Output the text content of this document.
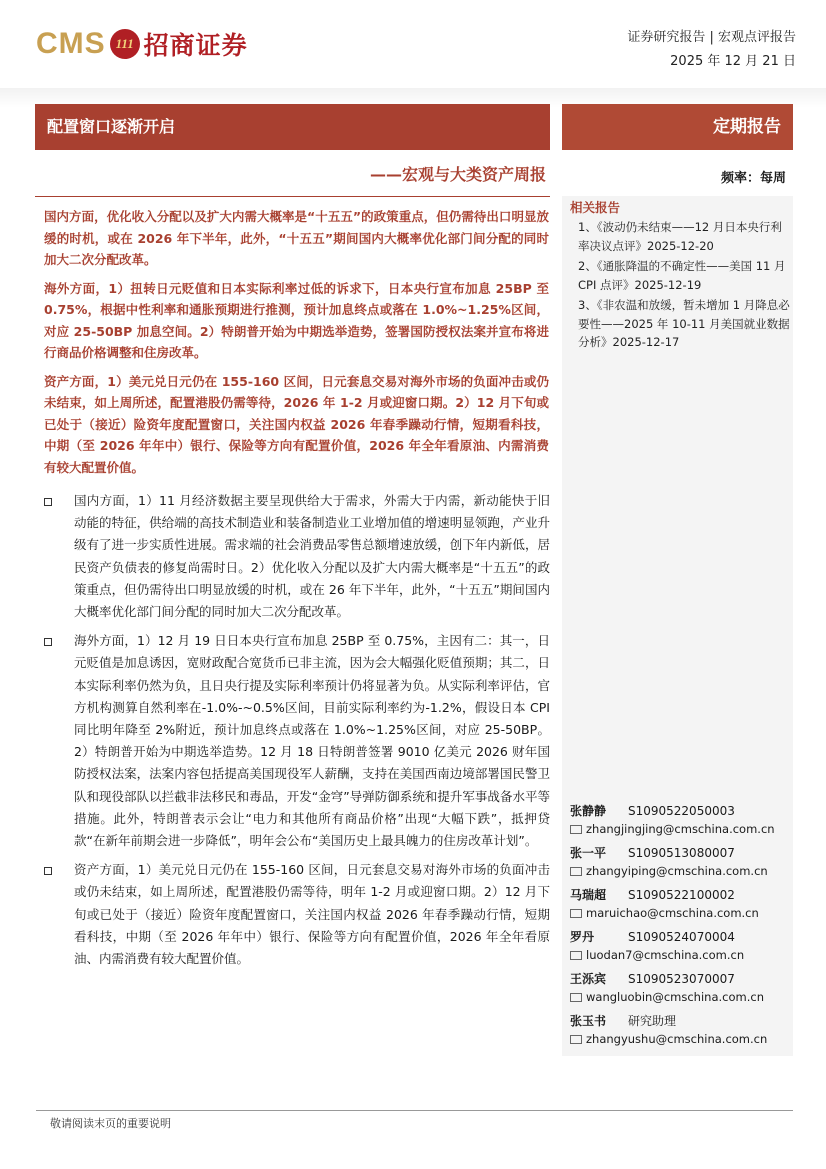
CMS 111 招商证券	证券研究报告 | 宏观点评报告
2025 年 12 月 21 日
配置窗口逐渐开启	定期报告
——宏观与大类资产周报	频率：每周

国内方面，优化收入分配以及扩大内需大概率是“十五五”的政策重点，但仍需待出口明显放缓的时机，或在 2026 年下半年，此外，“十五五”期间国内大概率优化部门间分配的同时加大二次分配改革。

海外方面，1）扭转日元贬值和日本实际利率过低的诉求下，日本央行宣布加息 25BP 至 0.75%，根据中性利率和通胀预期进行推测，预计加息终点或落在 1.0%~1.25%区间，对应 25-50BP 加息空间。2）特朗普开始为中期选举造势，签署国防授权法案并宣布将进行商品价格调整和住房改革。

资产方面，1）美元兑日元仍在 155-160 区间，日元套息交易对海外市场的负面冲击或仍未结束，如上周所述，配置港股仍需等待，2026 年 1-2 月或迎窗口期。2）12 月下旬或已处于（接近）险资年度配置窗口，关注国内权益 2026 年春季躁动行情，短期看科技，中期（至 2026 年年中）银行、保险等方向有配置价值，2026 年全年看原油、内需消费有较大配置价值。

国内方面，1）11 月经济数据主要呈现供给大于需求，外需大于内需，新动能快于旧动能的特征，供给端的高技术制造业和装备制造业工业增加值的增速明显领跑，产业升级有了进一步实质性进展。需求端的社会消费品零售总额增速放缓，创下年内新低，居民资产负债表的修复尚需时日。2）优化收入分配以及扩大内需大概率是“十五五”的政策重点，但仍需待出口明显放缓的时机，或在 26 年下半年，此外，“十五五”期间国内大概率优化部门间分配的同时加大二次分配改革。
海外方面，1）12 月 19 日日本央行宣布加息 25BP 至 0.75%，主因有二：其一，日元贬值是加息诱因，宽财政配合宽货币已非主流，因为会大幅强化贬值预期；其二，日本实际利率仍然为负，且日央行提及实际利率预计仍将显著为负。从实际利率评估，官方机构测算自然利率在-1.0%-~0.5%区间，目前实际利率约为-1.2%，假设日本 CPI 同比明年降至 2%附近，预计加息终点或落在 1.0%~1.25%区间，对应 25-50BP。2）特朗普开始为中期选举造势。12 月 18 日特朗普签署 9010 亿美元 2026 财年国防授权法案，法案内容包括提高美国现役军人薪酬，支持在美国西南边境部署国民警卫队和现役部队以拦截非法移民和毒品，开发“金穹”导弹防御系统和提升军事战备水平等措施。此外，特朗普表示会让“电力和其他所有商品价格”出现“大幅下跌”，抵押贷款“在新年前期会进一步降低”，明年会公布“美国历史上最具魄力的住房改革计划”。
资产方面，1）美元兑日元仍在 155-160 区间，日元套息交易对海外市场的负面冲击或仍未结束，如上周所述，配置港股仍需等待，明年 1-2 月或迎窗口期。2）12 月下旬或已处于（接近）险资年度配置窗口，关注国内权益 2026 年春季躁动行情，短期看科技，中期（至 2026 年年中）银行、保险等方向有配置价值，2026 年全年看原油、内需消费有较大配置价值。
相关报告
1、《波动仍未结束——12 月日本央行利率决议点评》2025-12-20
2、《通胀降温的不确定性——美国 11 月 CPI 点评》2025-12-19
3、《非农温和放缓，暂未增加 1 月降息必要性——2025 年 10-11 月美国就业数据分析》2025-12-17
张静静	S1090522050003
zhangjingjing@cmschina.com.cn
张一平	S1090513080007
zhangyiping@cmschina.com.cn
马瑞超	S1090522100002
maruichao@cmschina.com.cn
罗丹	S1090524070004
luodan7@cmschina.com.cn
王泺宾	S1090523070007
wangluobin@cmschina.com.cn
张玉书	研究助理
zhangyushu@cmschina.com.cn
敬请阅读末页的重要说明
